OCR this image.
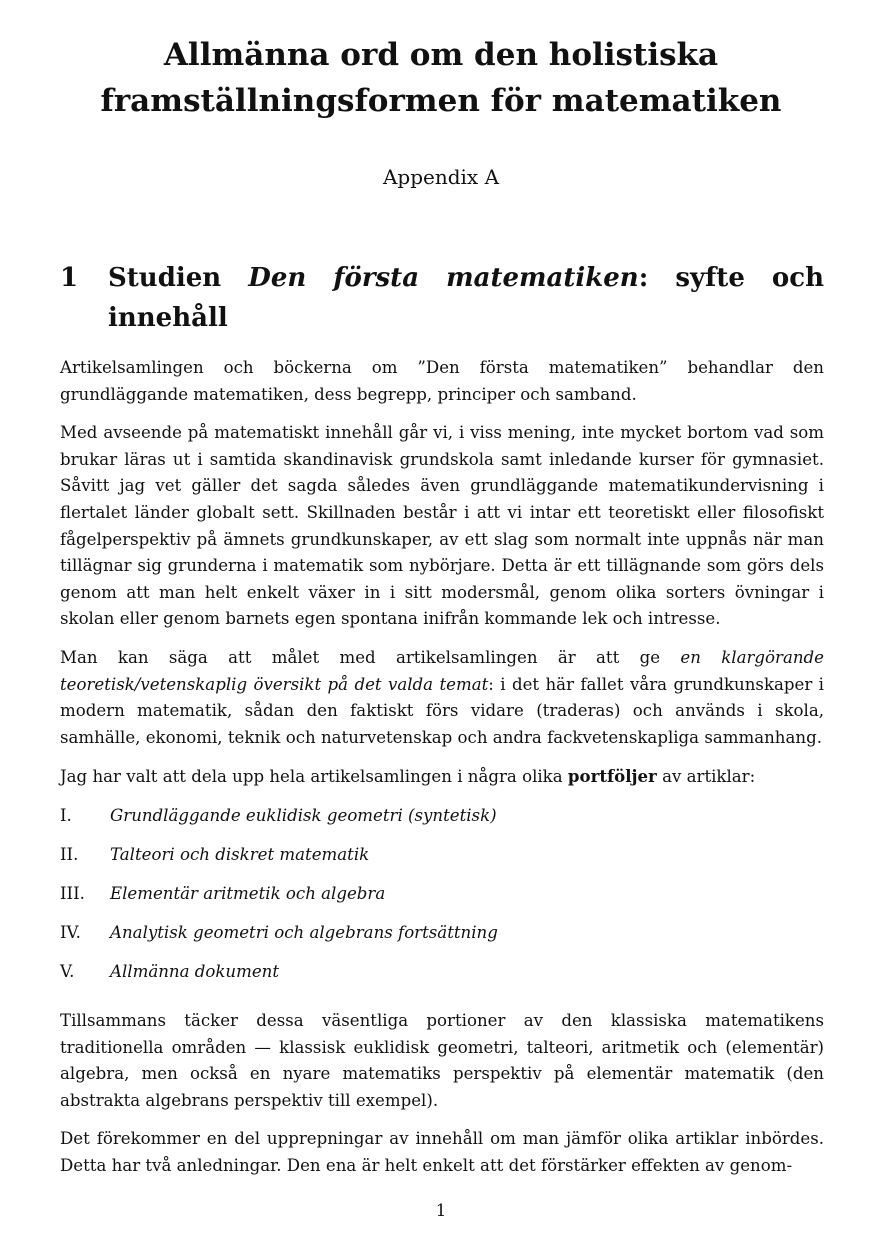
Allmänna ord om den holistiska
framställningsformen för matematiken
Appendix A
1 Studien Den första matematiken: syfte och innehåll

Artikelsamlingen och böckerna om ”Den första matematiken” behandlar den grundläggande matematiken, dess begrepp, principer och samband.

Med avseende på matematiskt innehåll går vi, i viss mening, inte mycket bortom vad som brukar läras ut i samtida skandinavisk grundskola samt inledande kurser för gymnasiet. Såvitt jag vet gäller det sagda således även grundläggande matematikundervisning i flertalet länder globalt sett. Skillnaden består i att vi intar ett teoretiskt eller filosofiskt fågelperspektiv på ämnets grundkunskaper, av ett slag som normalt inte uppnås när man tillägnar sig grunderna i matematik som nybörjare. Detta är ett tillägnande som görs dels genom att man helt enkelt växer in i sitt modersmål, genom olika sorters övningar i skolan eller genom barnets egen spontana inifrån kommande lek och intresse.

Man kan säga att målet med artikelsamlingen är att ge en klargörande teoretisk/vetenskaplig översikt på det valda temat: i det här fallet våra grundkunskaper i modern matematik, sådan den faktiskt förs vidare (traderas) och används i skola, samhälle, ekonomi, teknik och naturvetenskap och andra fackvetenskapliga sammanhang.

Jag har valt att dela upp hela artikelsamlingen i några olika portföljer av artiklar:

I. Grundläggande euklidisk geometri (syntetisk)
II. Talteori och diskret matematik
III. Elementär aritmetik och algebra
IV. Analytisk geometri och algebrans fortsättning
V. Allmänna dokument

Tillsammans täcker dessa väsentliga portioner av den klassiska matematikens traditionella områden — klassisk euklidisk geometri, talteori, aritmetik och (elementär) algebra, men också en nyare matematiks perspektiv på elementär matematik (den abstrakta algebrans perspektiv till exempel).

Det förekommer en del upprepningar av innehåll om man jämför olika artiklar inbördes. Detta har två anledningar. Den ena är helt enkelt att det förstärker effekten av genom-

1
